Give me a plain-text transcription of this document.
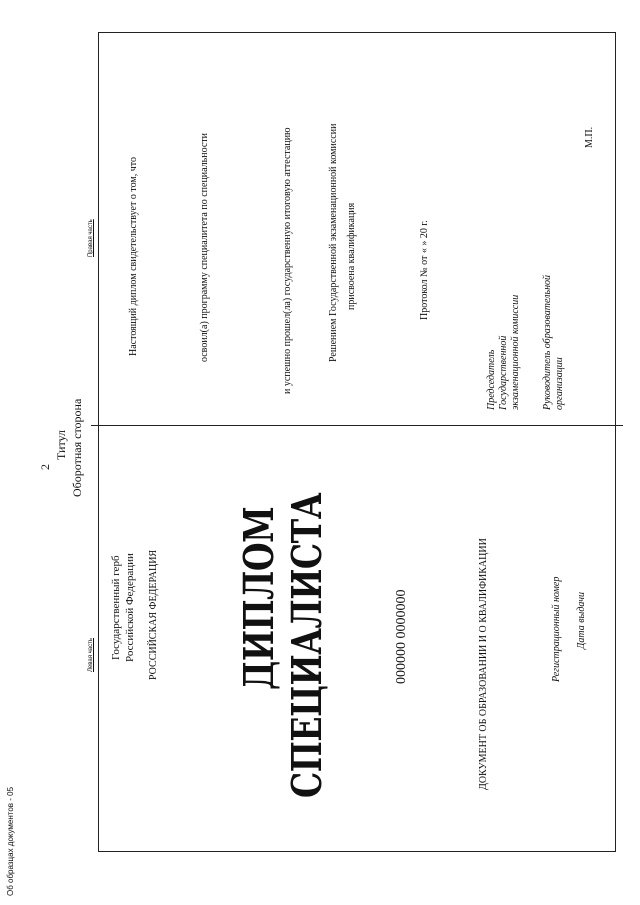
2
Титул Оборотная сторона
Левая часть
Правая часть
Государственный герб Российской Федерации РОССИЙСКАЯ ФЕДЕРАЦИЯ ДИПЛОМ СПЕЦИАЛИСТА	000000 0000000	ДОКУМЕНТ ОБ ОБРАЗОВАНИИ И О КВАЛИФИКАЦИИ	Регистрационный номер Дата выдачи
Настоящий диплом свидетельствует о том, что	освоил(а) программу специалитета по специальности	и успешно прошел(ла) государственную итоговую аттестацию	Решением Государственной экзаменационной комиссии присвоена квалификация	Протокол № от « » 20 г.
Председатель Государственной экзаменационной комиссии Руководитель образовательной организации
М.П.
Об образцах документов - 05
